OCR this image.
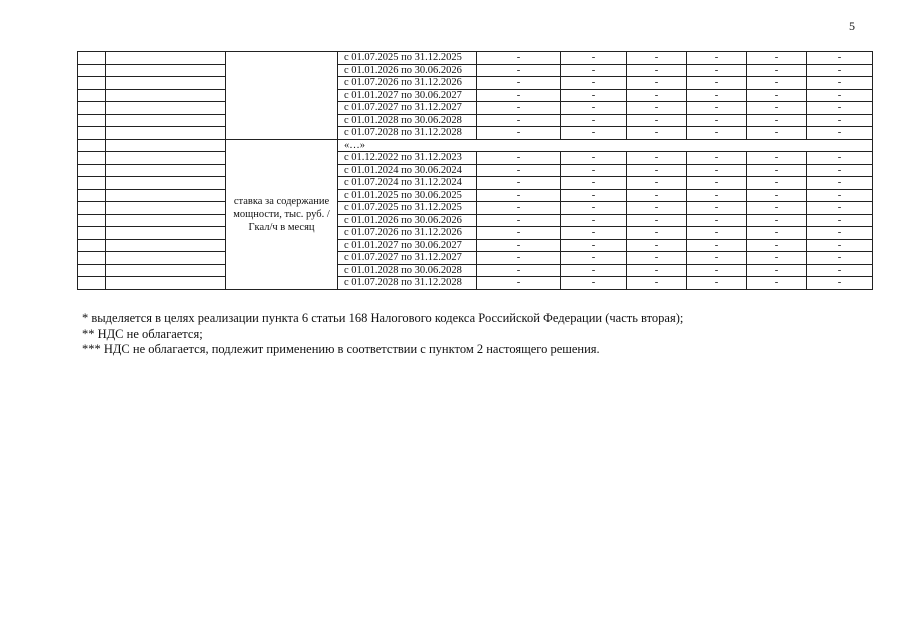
5
			с 01.07.2025 по 31.12.2025	-	-	-	-	-	-
			с 01.01.2026 по 30.06.2026	-	-	-	-	-	-
			с 01.07.2026 по 31.12.2026	-	-	-	-	-	-
			с 01.01.2027 по 30.06.2027	-	-	-	-	-	-
			с 01.07.2027 по 31.12.2027	-	-	-	-	-	-
			с 01.01.2028 по 30.06.2028	-	-	-	-	-	-
			с 01.07.2028 по 31.12.2028	-	-	-	-	-	-
		ставка за содержание мощности, тыс. руб. /Гкал/ч в месяц	«…»						
			с 01.12.2022 по 31.12.2023	-	-	-	-	-	-
			с 01.01.2024 по 30.06.2024	-	-	-	-	-	-
			с 01.07.2024 по 31.12.2024	-	-	-	-	-	-
			с 01.01.2025 по 30.06.2025	-	-	-	-	-	-
			с 01.07.2025 по 31.12.2025	-	-	-	-	-	-
			с 01.01.2026 по 30.06.2026	-	-	-	-	-	-
			с 01.07.2026 по 31.12.2026	-	-	-	-	-	-
			с 01.01.2027 по 30.06.2027	-	-	-	-	-	-
			с 01.07.2027 по 31.12.2027	-	-	-	-	-	-
			с 01.01.2028 по 30.06.2028	-	-	-	-	-	-
			с 01.07.2028 по 31.12.2028	-	-	-	-	-	-
* выделяется в целях реализации пункта 6 статьи 168 Налогового кодекса Российской Федерации (часть вторая);
** НДС не облагается;
*** НДС не облагается, подлежит применению в соответствии с пунктом 2 настоящего решения.
